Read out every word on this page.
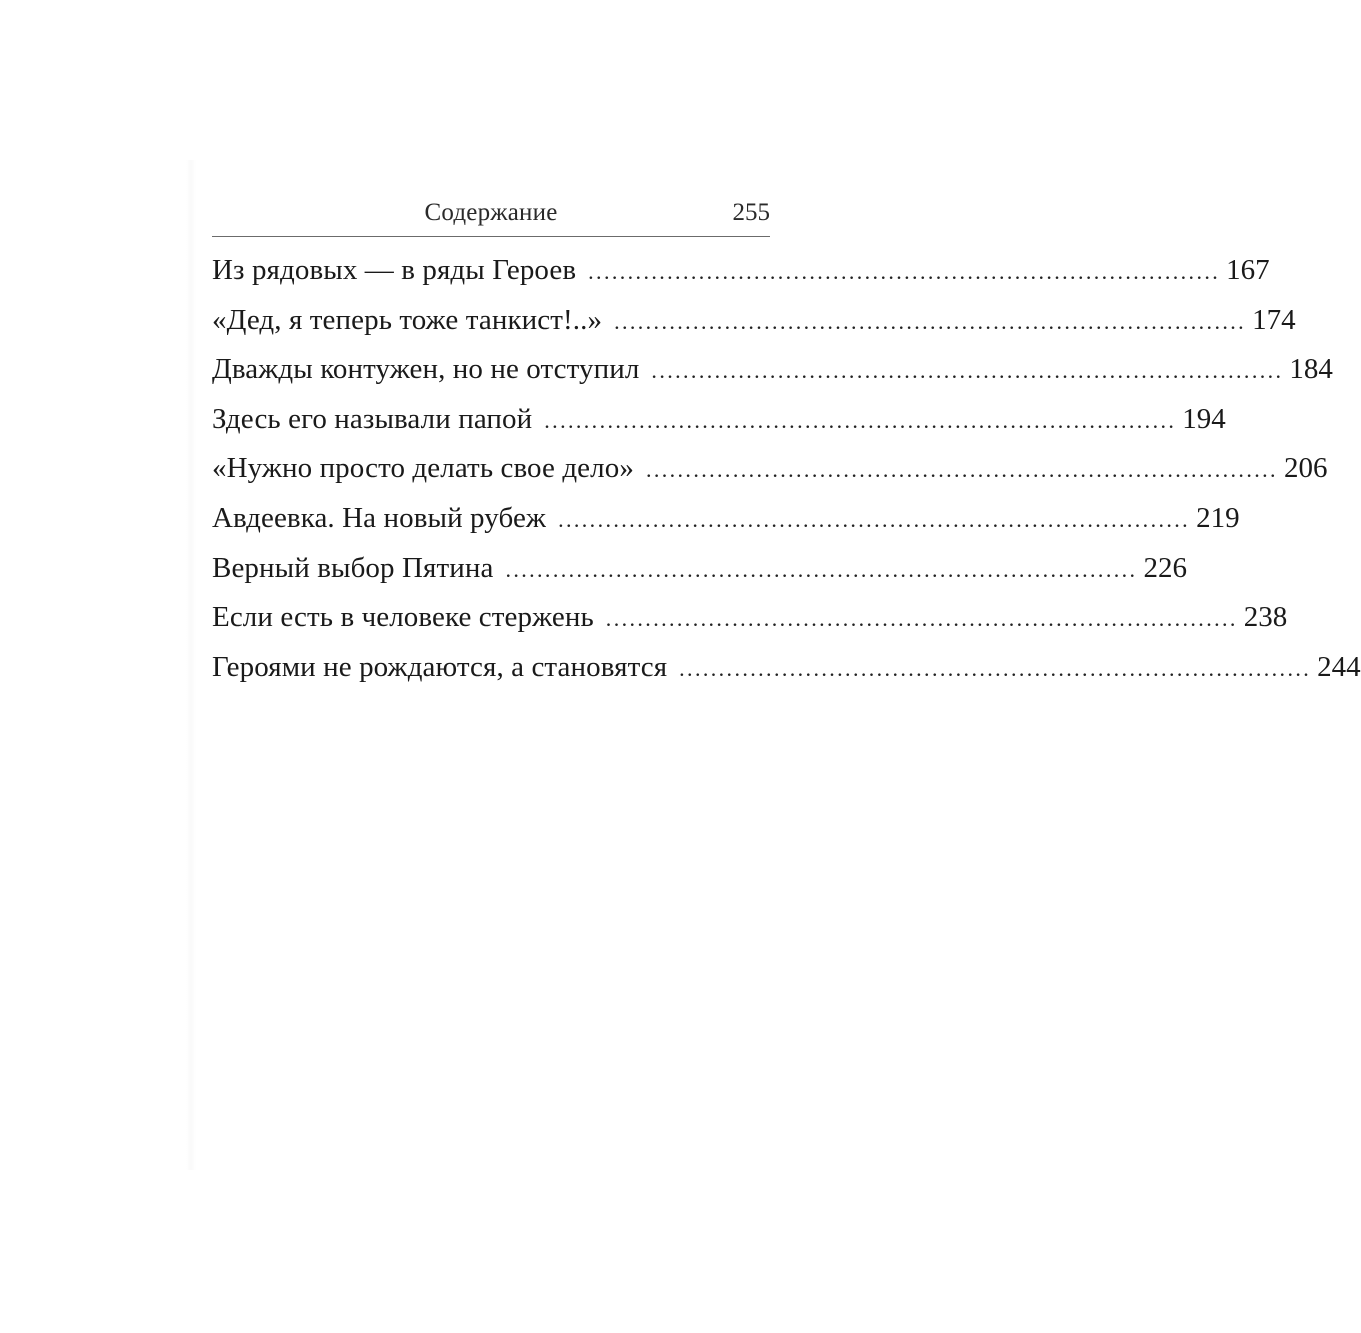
Содержание	255
Из рядовых — в ряды Героев ................................................................................ 167
«Дед, я теперь тоже танкист!..» ................................................................................ 174
Дважды контужен, но не отступил ................................................................................ 184
Здесь его называли папой ................................................................................ 194
«Нужно просто делать свое дело» ................................................................................ 206
Авдеевка. На новый рубеж ................................................................................ 219
Верный выбор Пятина ................................................................................ 226
Если есть в человеке стержень ................................................................................ 238
Героями не рождаются, а становятся ................................................................................ 244
